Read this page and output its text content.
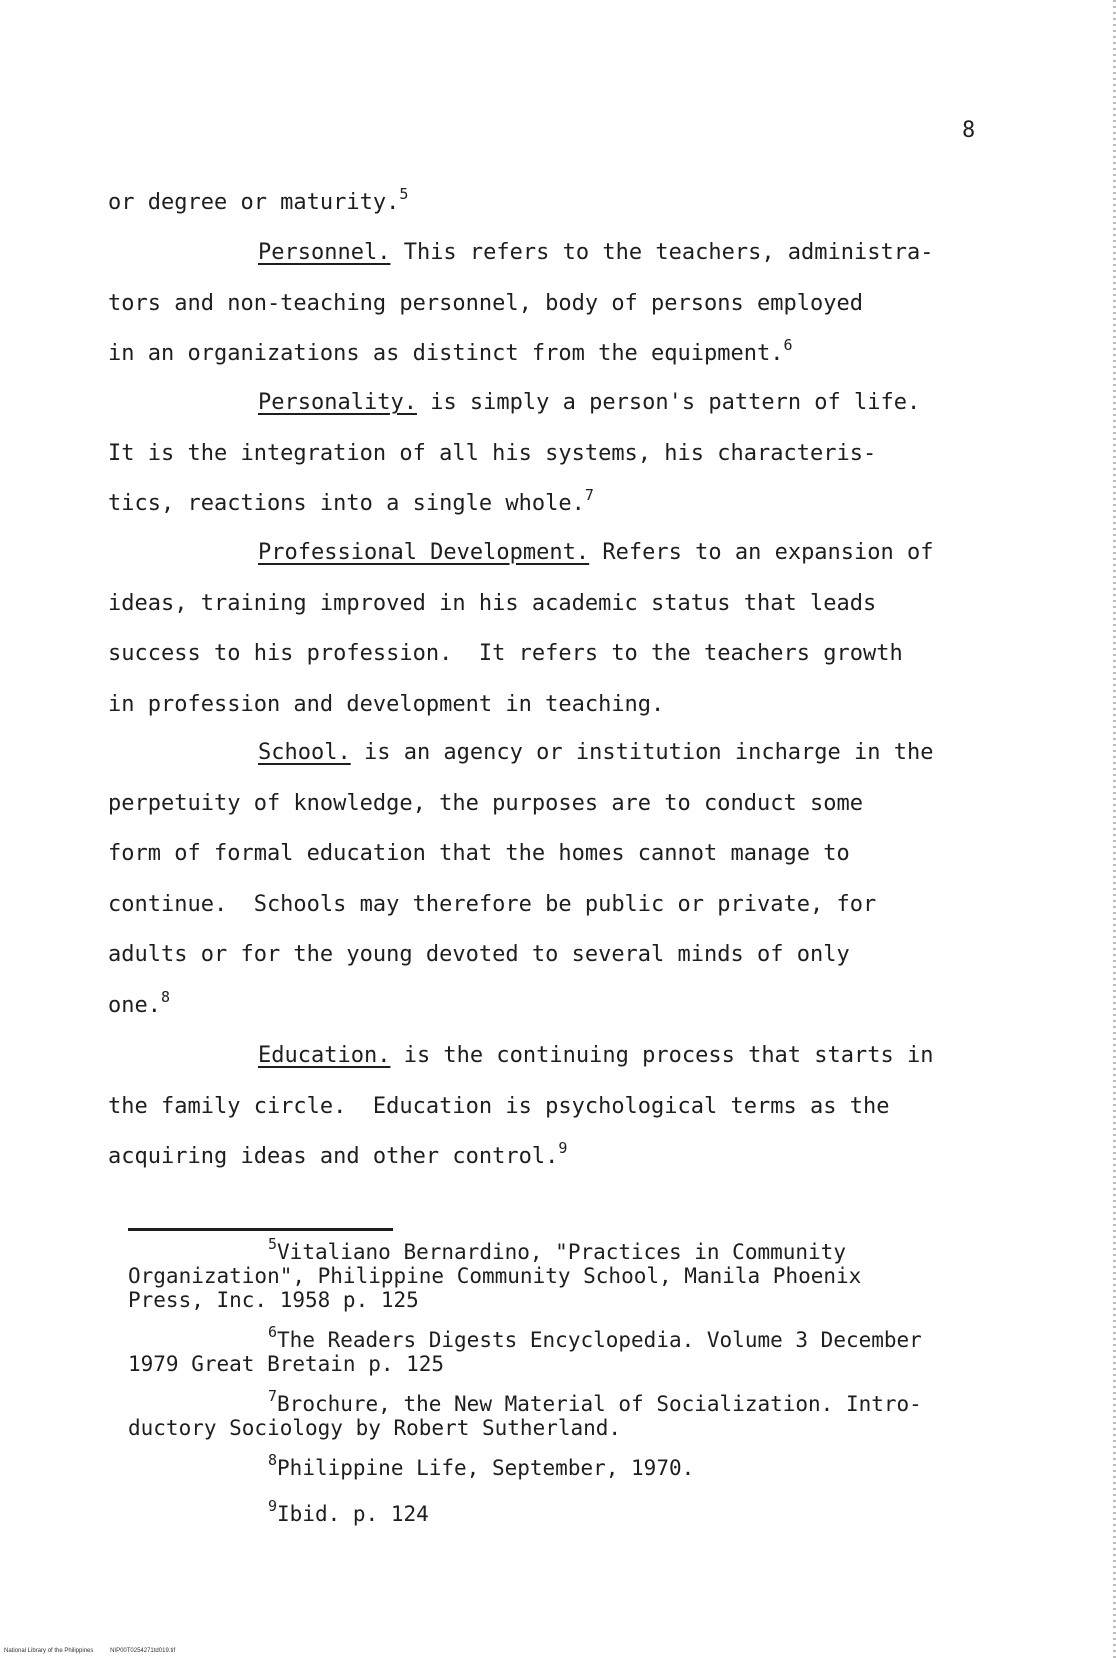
8
or degree or maturity.$^5$
Personnel. This refers to the teachers, administra-
tors and non-teaching personnel, body of persons employed
in an organizations as distinct from the equipment.$^6$
Personality. is simply a person's pattern of life.
It is the integration of all his systems, his characteris-
tics, reactions into a single whole.$^7$
Professional Development. Refers to an expansion of
ideas, training improved in his academic status that leads
success to his profession.  It refers to the teachers growth
in profession and development in teaching.
School. is an agency or institution incharge in the
perpetuity of knowledge, the purposes are to conduct some
form of formal education that the homes cannot manage to
continue.  Schools may therefore be public or private, for
adults or for the young devoted to several minds of only
one.$^8$
Education. is the continuing process that starts in
the family circle.  Education is psychological terms as the
acquiring ideas and other control.$^9$
$^5$Vitaliano Bernardino, "Practices in Community
Organization", Philippine Community School, Manila Phoenix
Press, Inc. 1958 p. 125
$^6$The Readers Digests Encyclopedia. Volume 3 December
1979 Great Bretain p. 125
$^7$Brochure, the New Material of Socialization. Intro-
ductory Sociology by Robert Sutherland.
$^8$Philippine Life, September, 1970.
$^9$Ibid. p. 124
National Library of the Philippines	NIP00T0254271td019.tif
